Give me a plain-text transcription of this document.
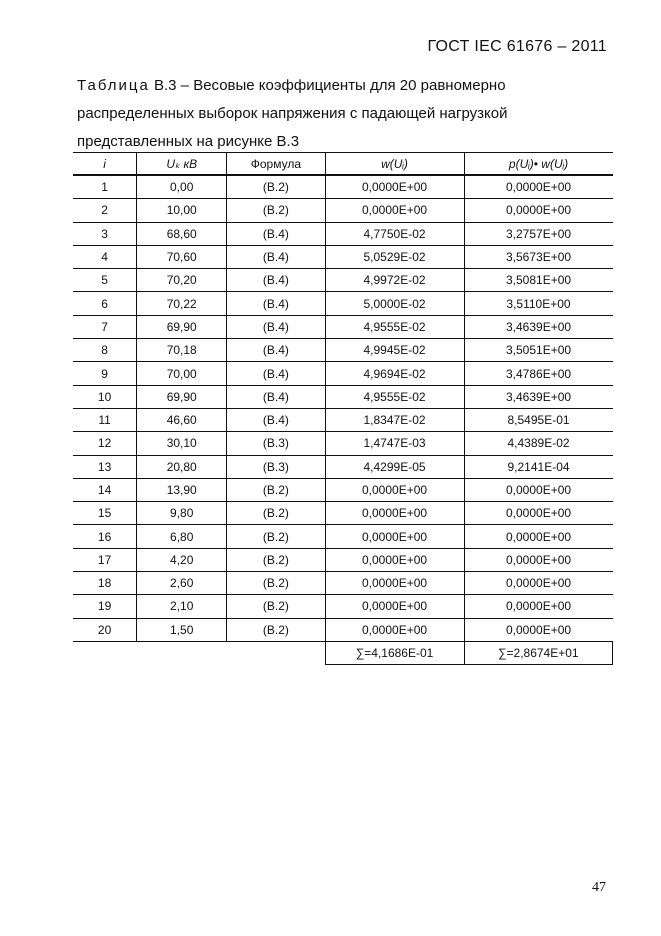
ГОСТ IEC 61676 – 2011
Таблица В.3 – Весовые коэффициенты для 20 равномерно
распределенных выборок напряжения с падающей нагрузкой
представленных на рисунке В.3
i	Uₖ кВ	Формула	w(Uᵢ)	p(Uᵢ)• w(Uᵢ)
1	0,00	(В.2)	0,0000Е+00	0,0000Е+00
2	10,00	(В.2)	0,0000Е+00	0,0000Е+00
3	68,60	(В.4)	4,7750Е-02	3,2757Е+00
4	70,60	(В.4)	5,0529Е-02	3,5673Е+00
5	70,20	(В.4)	4,9972Е-02	3,5081Е+00
6	70,22	(В.4)	5,0000Е-02	3,5110Е+00
7	69,90	(В.4)	4,9555Е-02	3,4639Е+00
8	70,18	(В.4)	4,9945Е-02	3,5051Е+00
9	70,00	(В.4)	4,9694Е-02	3,4786Е+00
10	69,90	(В.4)	4,9555Е-02	3,4639Е+00
11	46,60	(В.4)	1,8347Е-02	8,5495Е-01
12	30,10	(В.3)	1,4747Е-03	4,4389Е-02
13	20,80	(В.3)	4,4299Е-05	9,2141Е-04
14	13,90	(В.2)	0,0000Е+00	0,0000Е+00
15	9,80	(В.2)	0,0000Е+00	0,0000Е+00
16	6,80	(В.2)	0,0000Е+00	0,0000Е+00
17	4,20	(В.2)	0,0000Е+00	0,0000Е+00
18	2,60	(В.2)	0,0000Е+00	0,0000Е+00
19	2,10	(В.2)	0,0000Е+00	0,0000Е+00
20	1,50	(В.2)	0,0000Е+00	0,0000Е+00
			∑=4,1686Е-01	∑=2,8674Е+01
47
